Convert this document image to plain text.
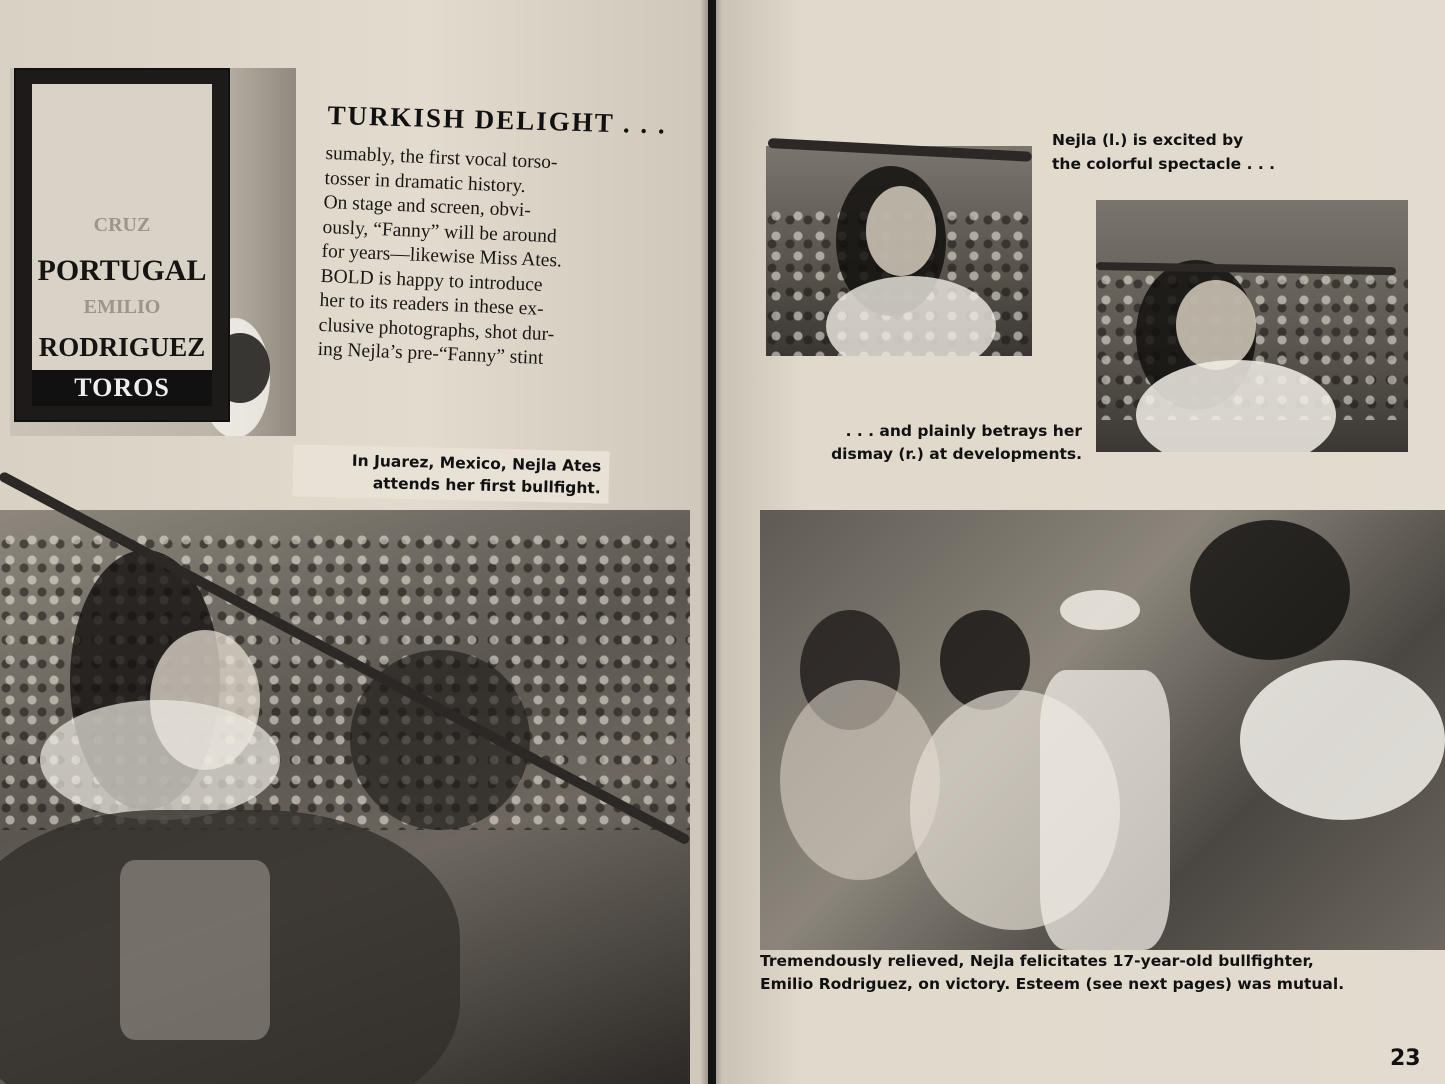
CRUZ
PORTUGAL
EMILIO
RODRIGUEZ
TOROS
TURKISH DELIGHT . . .

sumably, the first vocal torso-

tosser in dramatic history.

On stage and screen, obvi-

ously, “Fanny” will be around

for years—likewise Miss Ates.

BOLD is happy to introduce

her to its readers in these ex-

clusive photographs, shot dur-

ing Nejla’s pre-“Fanny” stint

In Juarez, Mexico, Nejla Ates
attends her first bullfight.
Nejla (l.) is excited by
the colorful spectacle . . .
. . . and plainly betrays her
dismay (r.) at developments.
Tremendously relieved, Nejla felicitates 17-year-old bullfighter,
Emilio Rodriguez, on victory. Esteem (see next pages) was mutual.
23
